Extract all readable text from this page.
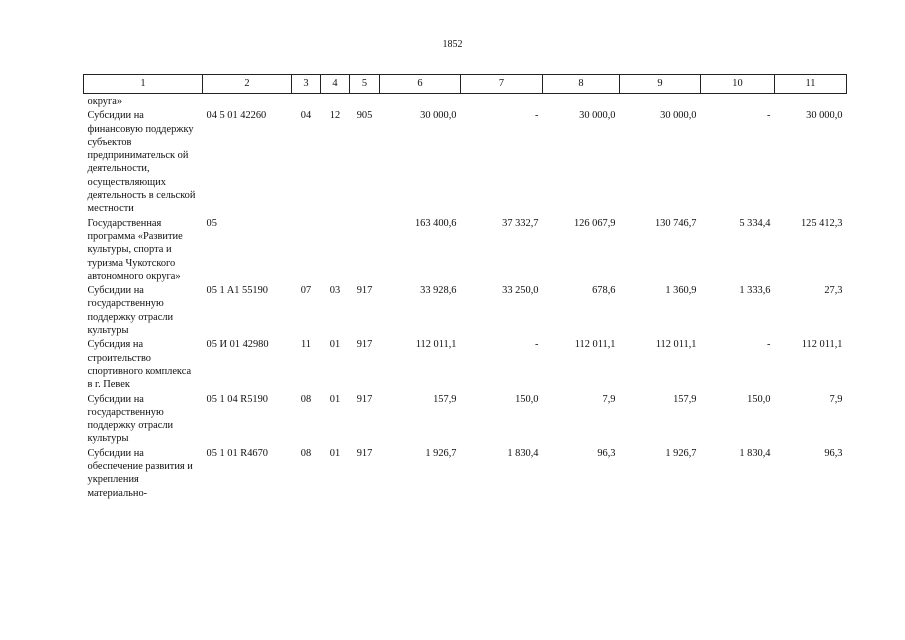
1852
1	2	3	4	5	6	7	8	9	10	11
округа»										
Субсидии на финансовую поддержку субъектов предпринимательск ой деятельности, осуществляющих деятельность в сельской местности	04 5 01 42260	04	12	905	30 000,0	-	30 000,0	30 000,0	-	30 000,0
Государственная программа «Развитие культуры, спорта и туризма Чукотского автономного округа»	05				163 400,6	37 332,7	126 067,9	130 746,7	5 334,4	125 412,3
Субсидии на государственную поддержку отрасли культуры	05 1 A1 55190	07	03	917	33 928,6	33 250,0	678,6	1 360,9	1 333,6	27,3
Субсидия на строительство спортивного комплекса в г. Певек	05 И 01 42980	11	01	917	112 011,1	-	112 011,1	112 011,1	-	112 011,1
Субсидии на государственную поддержку отрасли культуры	05 1 04 R5190	08	01	917	157,9	150,0	7,9	157,9	150,0	7,9
Субсидии на обеспечение развития и укрепления материально-	05 1 01 R4670	08	01	917	1 926,7	1 830,4	96,3	1 926,7	1 830,4	96,3
